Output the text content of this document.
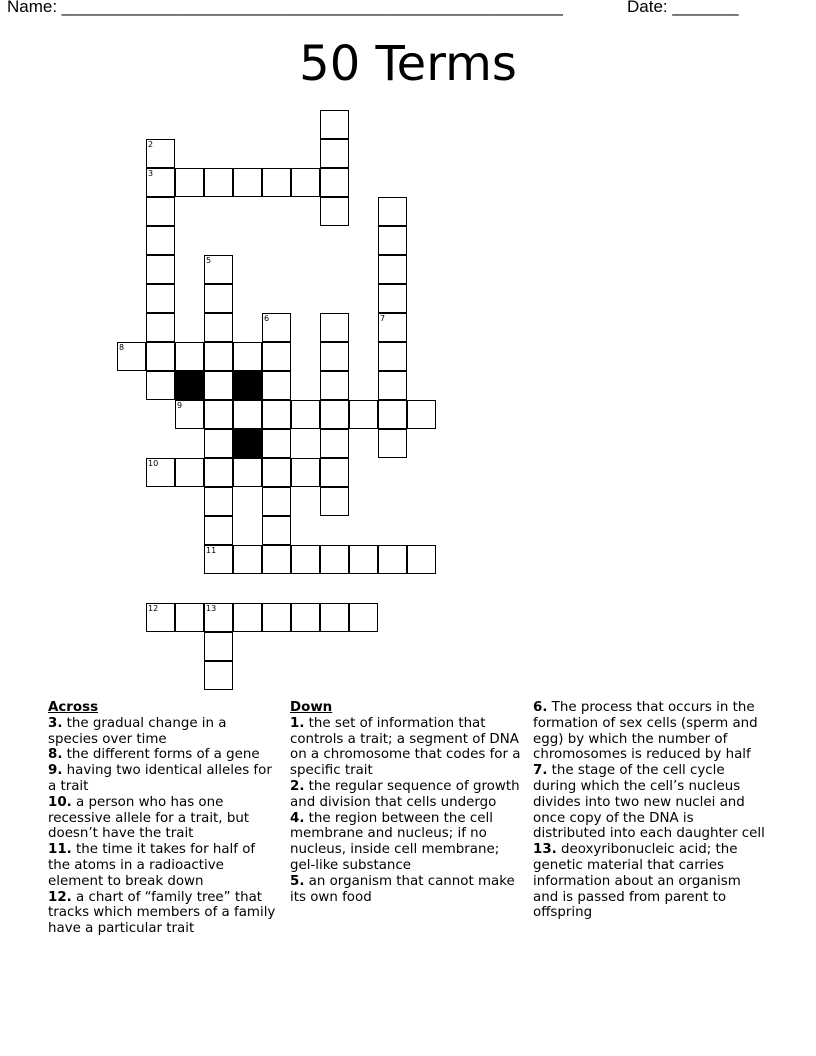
Name: _____________________________________________________	Date: _______
50 Terms
2
3
7
5
6
8
9
10
11
12	13
Across
3. the gradual change in a species over time
8. the different forms of a gene
9. having two identical alleles for a trait
10. a person who has one recessive allele for a trait, but doesn’t have the trait
11. the time it takes for half of the atoms in a radioactive element to break down
12. a chart of “family tree” that tracks which members of a family have a particular trait
Down
1. the set of information that controls a trait; a segment of DNA on a chromosome that codes for a specific trait
2. the regular sequence of growth and division that cells undergo
4. the region between the cell membrane and nucleus; if no nucleus, inside cell membrane; gel-like substance
5. an organism that cannot make its own food
6. The process that occurs in the formation of sex cells (sperm and egg) by which the number of chromosomes is reduced by half
7. the stage of the cell cycle during which the cell’s nucleus divides into two new nuclei and once copy of the DNA is distributed into each daughter cell
13. deoxyribonucleic acid; the genetic material that carries information about an organism and is passed from parent to offspring
